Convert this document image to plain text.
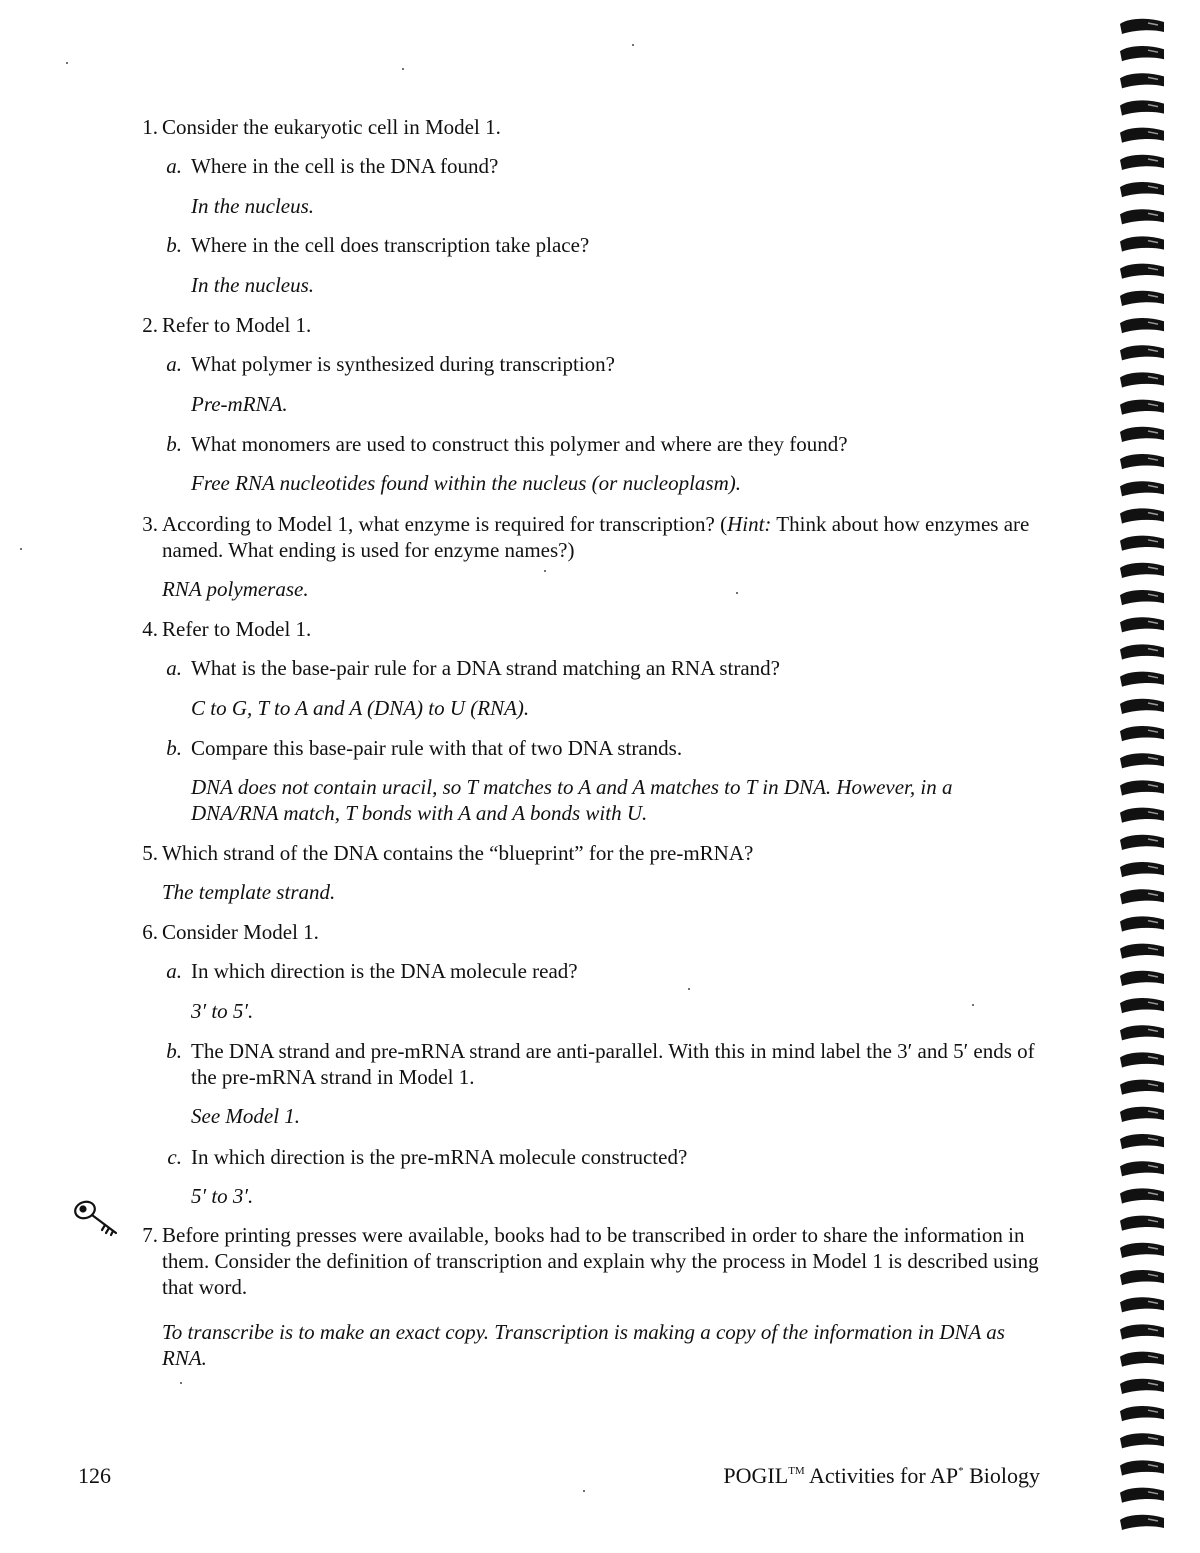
1. Consider the eukaryotic cell in Model 1.
a. Where in the cell is the DNA found?
In the nucleus.
b. Where in the cell does transcription take place?
In the nucleus.
2. Refer to Model 1.
a. What polymer is synthesized during transcription?
Pre-mRNA.
b. What monomers are used to construct this polymer and where are they found?
Free RNA nucleotides found within the nucleus (or nucleoplasm).
3. According to Model 1, what enzyme is required for transcription? (Hint: Think about how enzymes are named. What ending is used for enzyme names?)
RNA polymerase.
4. Refer to Model 1.
a. What is the base-pair rule for a DNA strand matching an RNA strand?
C to G, T to A and A (DNA) to U (RNA).
b. Compare this base-pair rule with that of two DNA strands.
DNA does not contain uracil, so T matches to A and A matches to T in DNA. However, in a DNA/RNA match, T bonds with A and A bonds with U.
5. Which strand of the DNA contains the “blueprint” for the pre-mRNA?
The template strand.
6. Consider Model 1.
a. In which direction is the DNA molecule read?
3′ to 5′.
b. The DNA strand and pre-mRNA strand are anti-parallel. With this in mind label the 3′ and 5′ ends of the pre-mRNA strand in Model 1.
See Model 1.
c. In which direction is the pre-mRNA molecule constructed?
5′ to 3′.
7. Before printing presses were available, books had to be transcribed in order to share the information in them. Consider the definition of transcription and explain why the process in Model 1 is described using that word.
To transcribe is to make an exact copy. Transcription is making a copy of the information in DNA as RNA.
126	POGIL™ Activities for AP* Biology
